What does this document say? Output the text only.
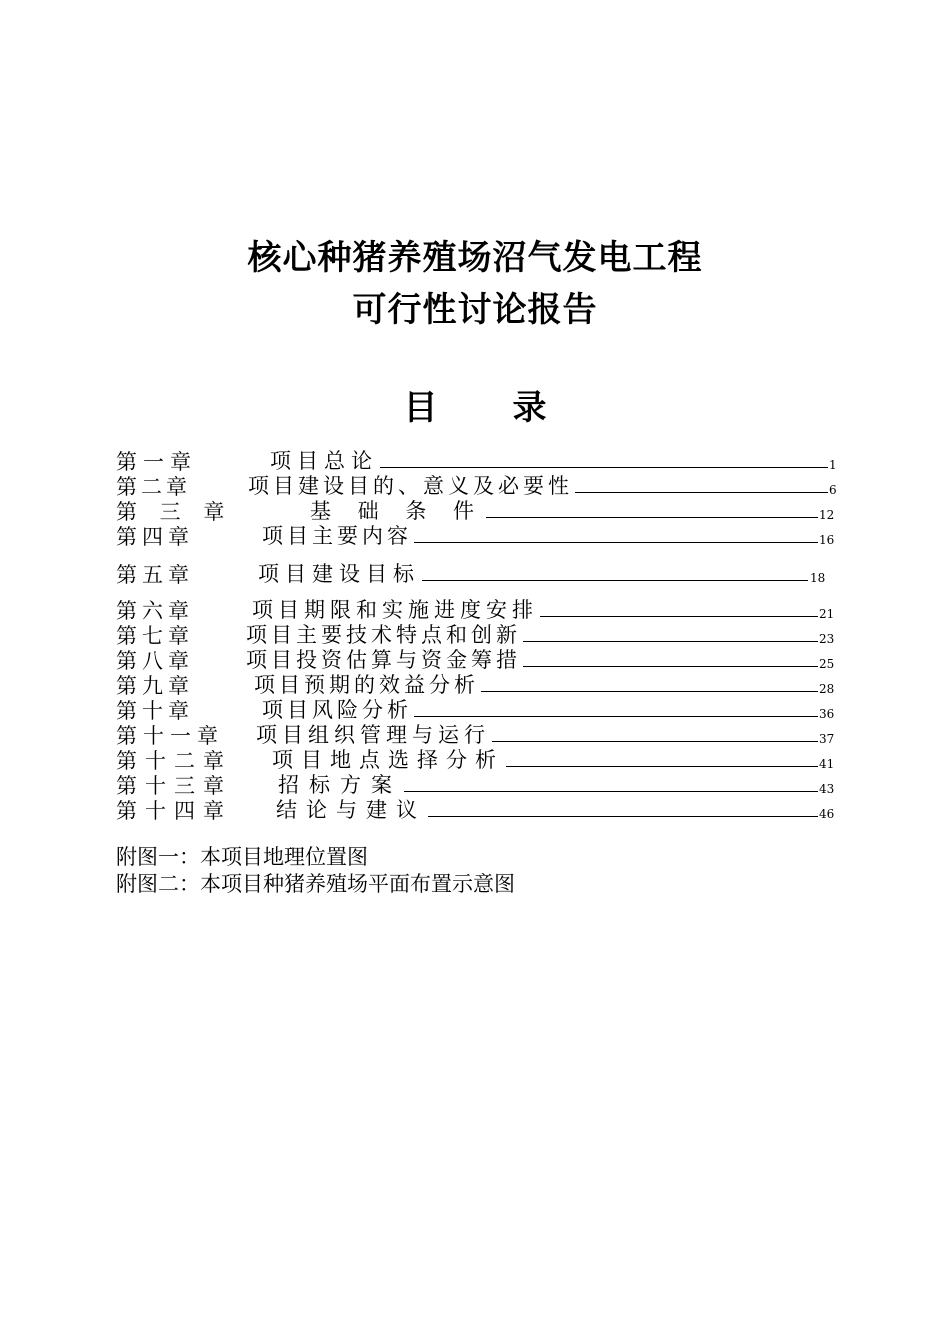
核心种猪养殖场沼气发电工程
可行性讨论报告
目录
第一章	项目总论	1
第二章	项目建设目的、意义及必要性	6
第 三 章	基 础 条 件	12
第四章	项目主要内容	16
第五章	项目建设目标	18
第六章	项目期限和实施进度安排	21
第七章 项目主要技术特点和创新	23
第八章 项目投资估算与资金筹措	25
第九章	项目预期的效益分析	28
第十章	项目风险分析	36
第十一章 项目组织管理与运行	37
第十二章 项目地点选择分析	41
第十三章 招标方案	43
第十四章 结论与建议	46
附图一：本项目地理位置图
附图二：本项目种猪养殖场平面布置示意图
